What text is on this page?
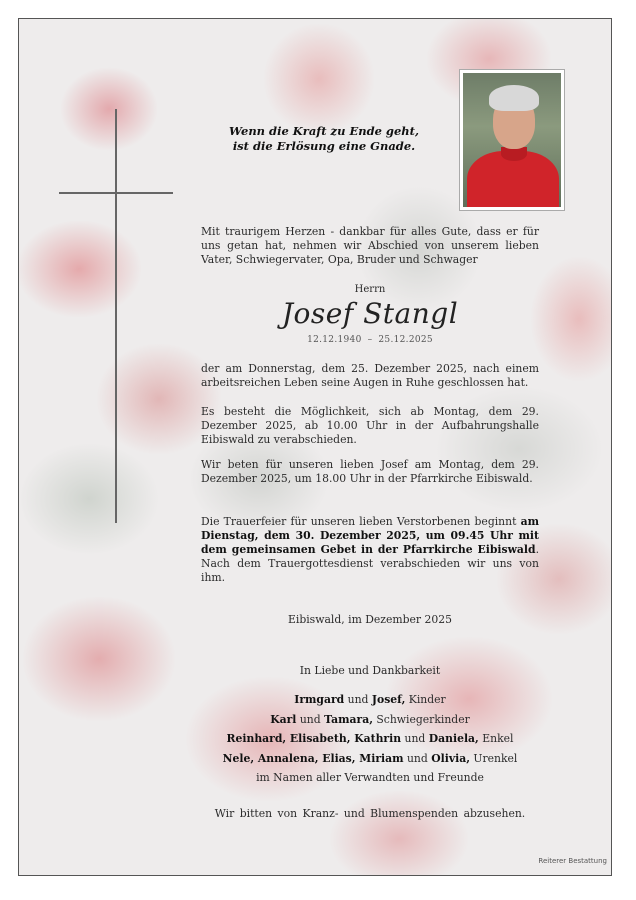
Wenn die Kraft zu Ende geht,
ist die Erlösung eine Gnade.
Mit traurigem Herzen - dankbar für alles Gute, dass er für uns getan hat, nehmen wir Abschied von unserem lieben Vater, Schwiegervater, Opa, Bruder und Schwager
Herrn
Josef Stangl
12.12.1940 – 25.12.2025
der am Donnerstag, dem 25. Dezember 2025, nach einem arbeitsreichen Leben seine Augen in Ruhe geschlossen hat.
Es besteht die Möglichkeit, sich ab Montag, dem 29. Dezember 2025, ab 10.00 Uhr in der Aufbahrungshalle Eibiswald zu verabschieden.
Wir beten für unseren lieben Josef am Montag, dem 29. Dezember 2025, um 18.00 Uhr in der Pfarrkirche Eibiswald.
Die Trauerfeier für unseren lieben Verstorbenen beginnt am Dienstag, dem 30. Dezember 2025, um 09.45 Uhr mit dem gemeinsamen Gebet in der Pfarrkirche Eibiswald. Nach dem Trauergottesdienst verabschieden wir uns von ihm.
Eibiswald, im Dezember 2025
In Liebe und Dankbarkeit
Irmgard und Josef, Kinder
Karl und Tamara, Schwiegerkinder
Reinhard, Elisabeth, Kathrin und Daniela, Enkel
Nele, Annalena, Elias, Miriam und Olivia, Urenkel
im Namen aller Verwandten und Freunde
Wir bitten von Kranz- und Blumenspenden abzusehen.
Reiterer Bestattung
